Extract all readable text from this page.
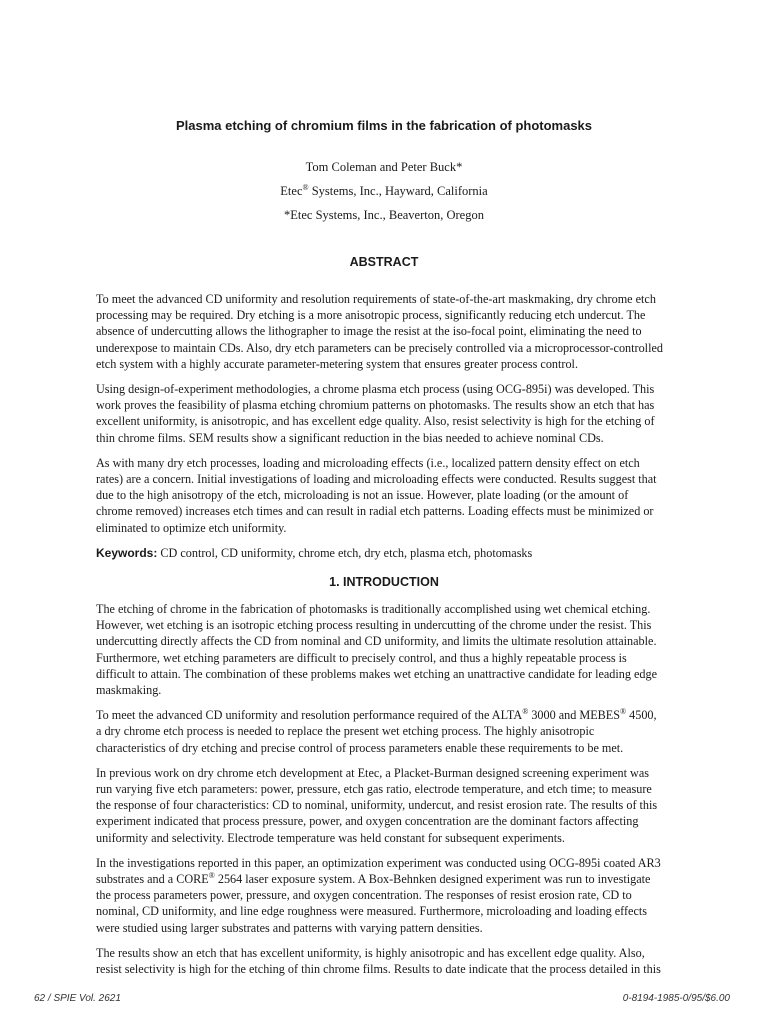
Plasma etching of chromium films in the fabrication of photomasks
Tom Coleman and Peter Buck*
Etec® Systems, Inc., Hayward, California
*Etec Systems, Inc., Beaverton, Oregon
ABSTRACT
To meet the advanced CD uniformity and resolution requirements of state-of-the-art maskmaking, dry chrome etch
processing may be required. Dry etching is a more anisotropic process, significantly reducing etch undercut. The
absence of undercutting allows the lithographer to image the resist at the iso-focal point, eliminating the need to
underexpose to maintain CDs. Also, dry etch parameters can be precisely controlled via a microprocessor-controlled
etch system with a highly accurate parameter-metering system that ensures greater process control.
Using design-of-experiment methodologies, a chrome plasma etch process (using OCG-895i) was developed. This
work proves the feasibility of plasma etching chromium patterns on photomasks. The results show an etch that has
excellent uniformity, is anisotropic, and has excellent edge quality. Also, resist selectivity is high for the etching of
thin chrome films. SEM results show a significant reduction in the bias needed to achieve nominal CDs.
As with many dry etch processes, loading and microloading effects (i.e., localized pattern density effect on etch
rates) are a concern. Initial investigations of loading and microloading effects were conducted. Results suggest that
due to the high anisotropy of the etch, microloading is not an issue. However, plate loading (or the amount of
chrome removed) increases etch times and can result in radial etch patterns. Loading effects must be minimized or
eliminated to optimize etch uniformity.
Keywords: CD control, CD uniformity, chrome etch, dry etch, plasma etch, photomasks
1. INTRODUCTION
The etching of chrome in the fabrication of photomasks is traditionally accomplished using wet chemical etching.
However, wet etching is an isotropic etching process resulting in undercutting of the chrome under the resist. This
undercutting directly affects the CD from nominal and CD uniformity, and limits the ultimate resolution attainable.
Furthermore, wet etching parameters are difficult to precisely control, and thus a highly repeatable process is
difficult to attain. The combination of these problems makes wet etching an unattractive candidate for leading edge
maskmaking.
To meet the advanced CD uniformity and resolution performance required of the ALTA® 3000 and MEBES® 4500,
a dry chrome etch process is needed to replace the present wet etching process. The highly anisotropic
characteristics of dry etching and precise control of process parameters enable these requirements to be met.
In previous work on dry chrome etch development at Etec, a Placket-Burman designed screening experiment was
run varying five etch parameters: power, pressure, etch gas ratio, electrode temperature, and etch time; to measure
the response of four characteristics: CD to nominal, uniformity, undercut, and resist erosion rate. The results of this
experiment indicated that process pressure, power, and oxygen concentration are the dominant factors affecting
uniformity and selectivity. Electrode temperature was held constant for subsequent experiments.
In the investigations reported in this paper, an optimization experiment was conducted using OCG-895i coated AR3
substrates and a CORE® 2564 laser exposure system. A Box-Behnken designed experiment was run to investigate
the process parameters power, pressure, and oxygen concentration. The responses of resist erosion rate, CD to
nominal, CD uniformity, and line edge roughness were measured. Furthermore, microloading and loading effects
were studied using larger substrates and patterns with varying pattern densities.
The results show an etch that has excellent uniformity, is highly anisotropic and has excellent edge quality. Also,
resist selectivity is high for the etching of thin chrome films. Results to date indicate that the process detailed in this
62 / SPIE Vol. 2621	0-8194-1985-0/95/$6.00
